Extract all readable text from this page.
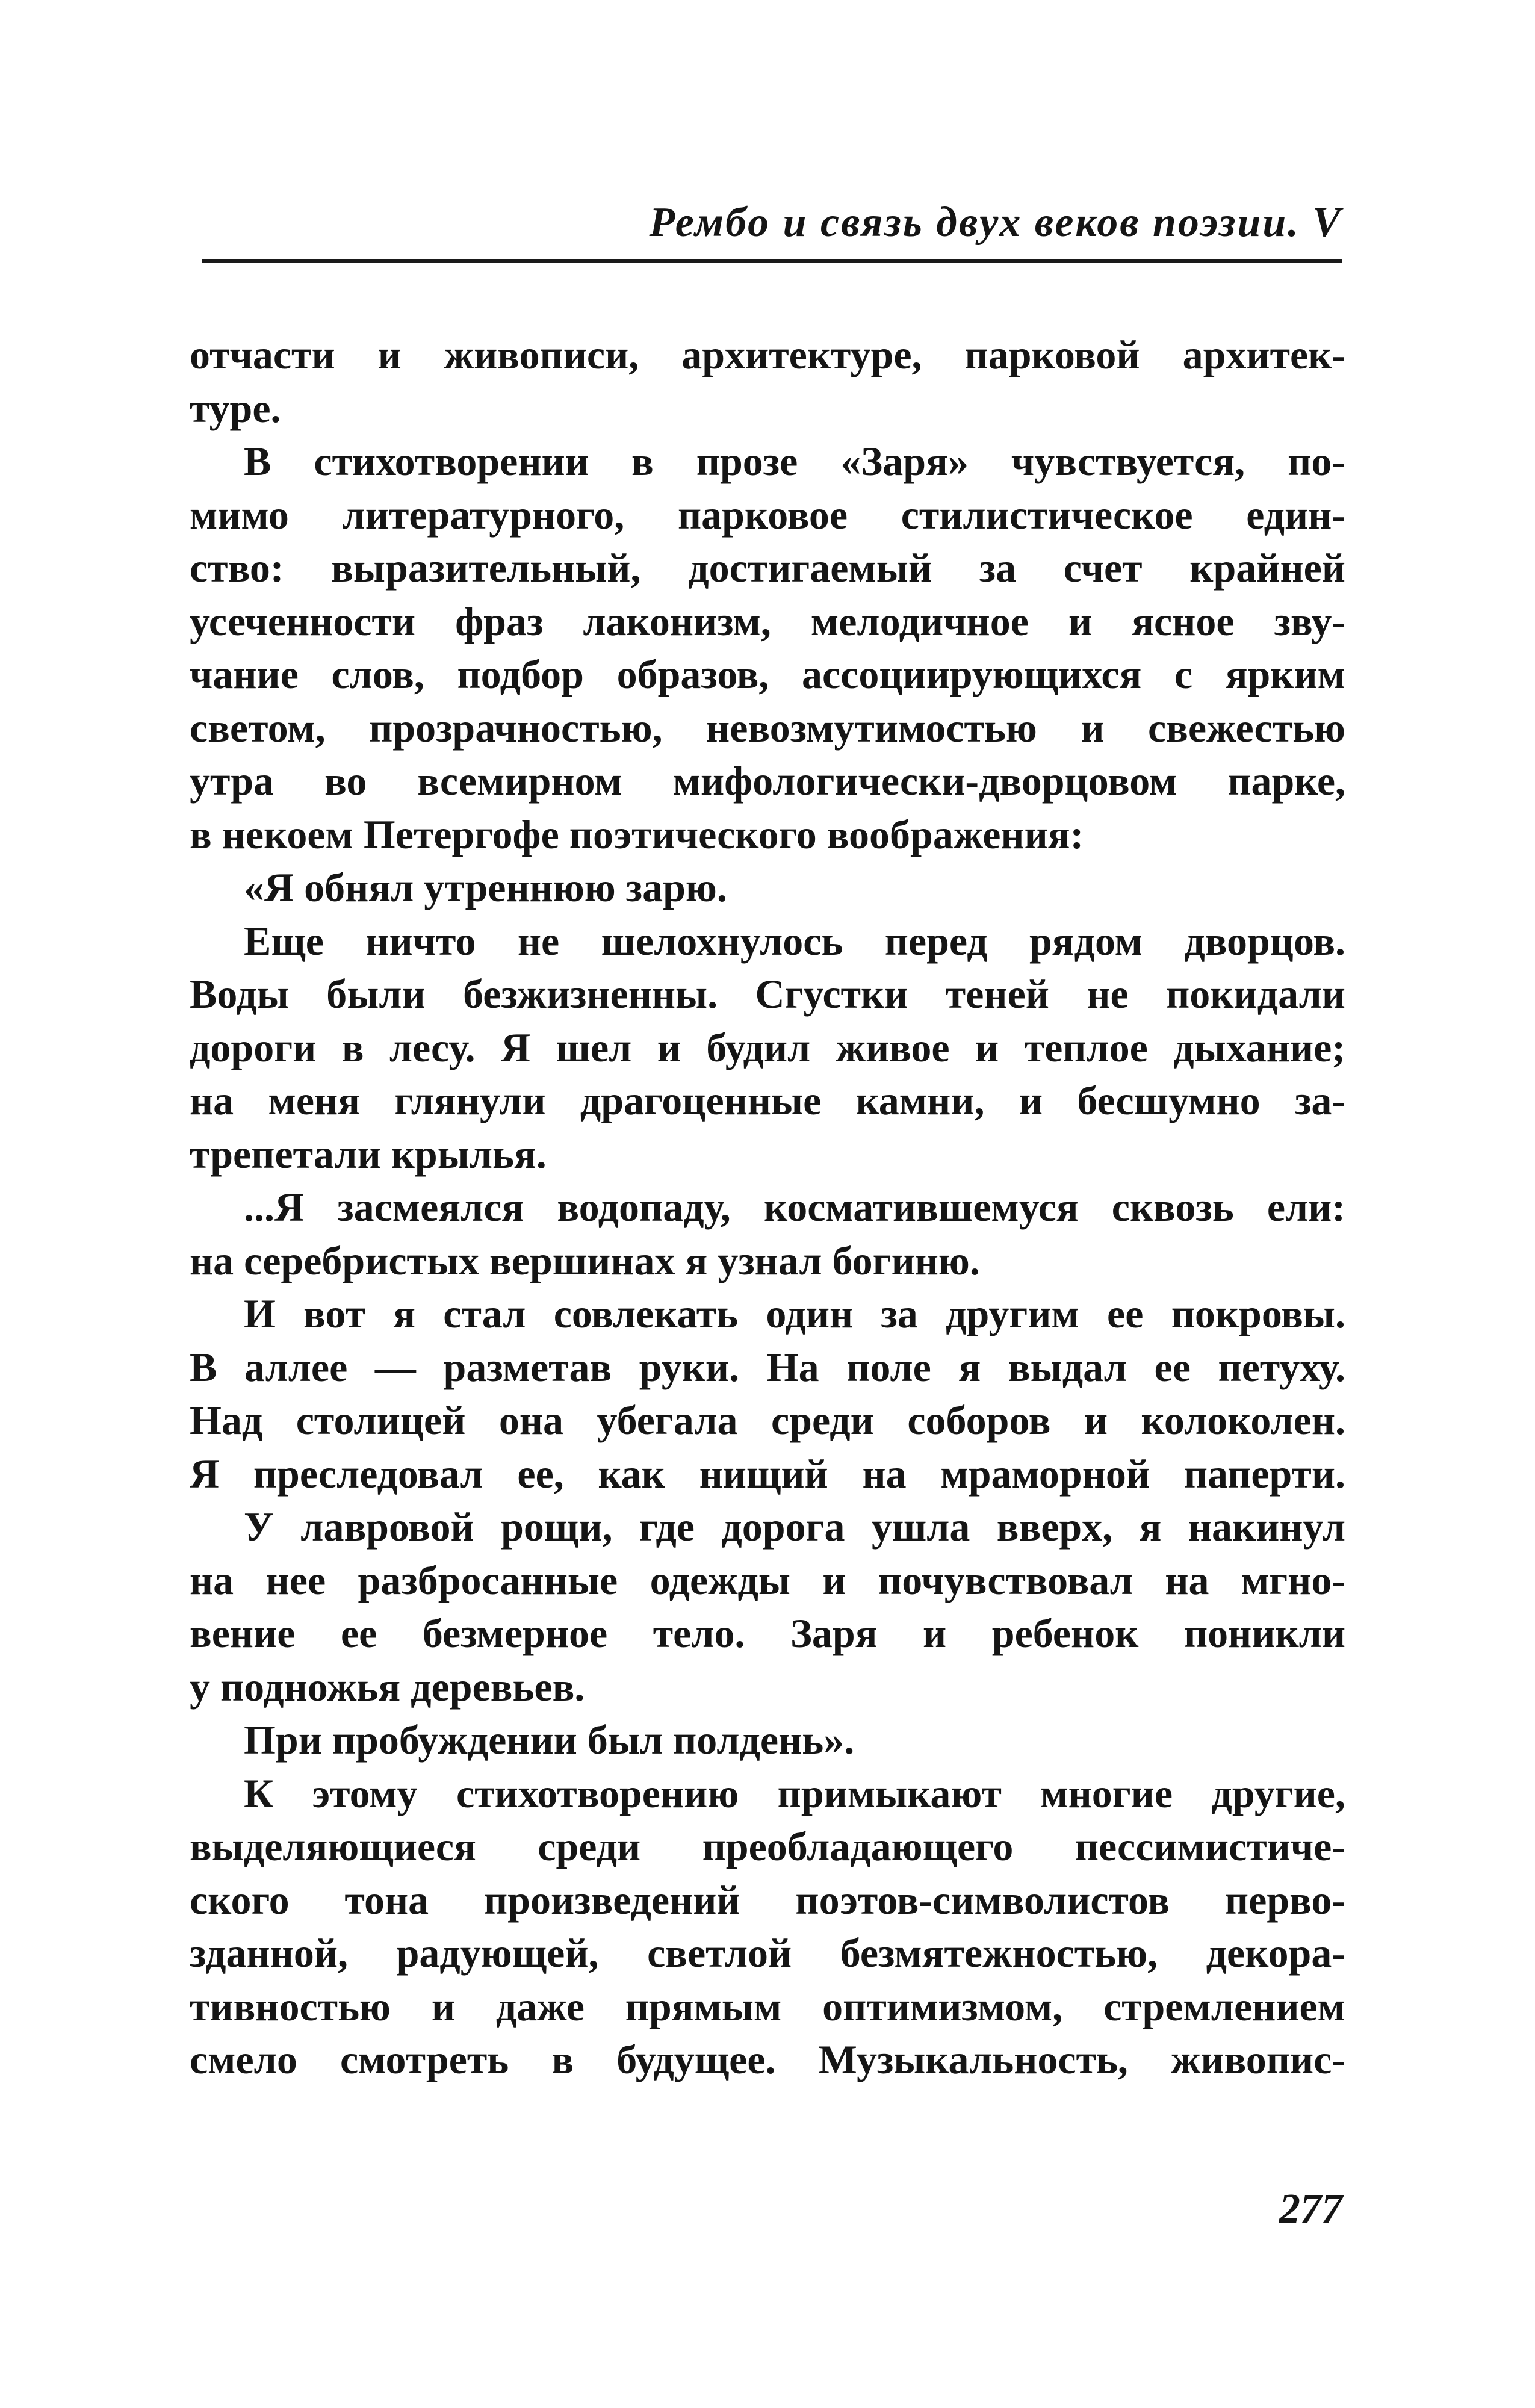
Рембо и связь двух веков поэзии. V
отчасти и живописи, архитектуре, парковой архитек-
туре.
В стихотворении в прозе «Заря» чувствуется, по-
мимо литературного, парковое стилистическое един-
ство: выразительный, достигаемый за счет крайней
усеченности фраз лаконизм, мелодичное и ясное зву-
чание слов, подбор образов, ассоциирующихся с ярким
светом, прозрачностью, невозмутимостью и свежестью
утра во всемирном мифологически-дворцовом парке,
в некоем Петергофе поэтического воображения:
«Я обнял утреннюю зарю.
Еще ничто не шелохнулось перед рядом дворцов.
Воды были безжизненны. Сгустки теней не покидали
дороги в лесу. Я шел и будил живое и теплое дыхание;
на меня глянули драгоценные камни, и бесшумно за-
трепетали крылья.
...Я засмеялся водопаду, косматившемуся сквозь ели:
на серебристых вершинах я узнал богиню.
И вот я стал совлекать один за другим ее покровы.
В аллее — разметав руки. На поле я выдал ее петуху.
Над столицей она убегала среди соборов и колоколен.
Я преследовал ее, как нищий на мраморной паперти.
У лавровой рощи, где дорога ушла вверх, я накинул
на нее разбросанные одежды и почувствовал на мгно-
вение ее безмерное тело. Заря и ребенок поникли
у подножья деревьев.
При пробуждении был полдень».
К этому стихотворению примыкают многие другие,
выделяющиеся среди преобладающего пессимистиче-
ского тона произведений поэтов-символистов перво-
зданной, радующей, светлой безмятежностью, декора-
тивностью и даже прямым оптимизмом, стремлением
смело смотреть в будущее. Музыкальность, живопис-
277
